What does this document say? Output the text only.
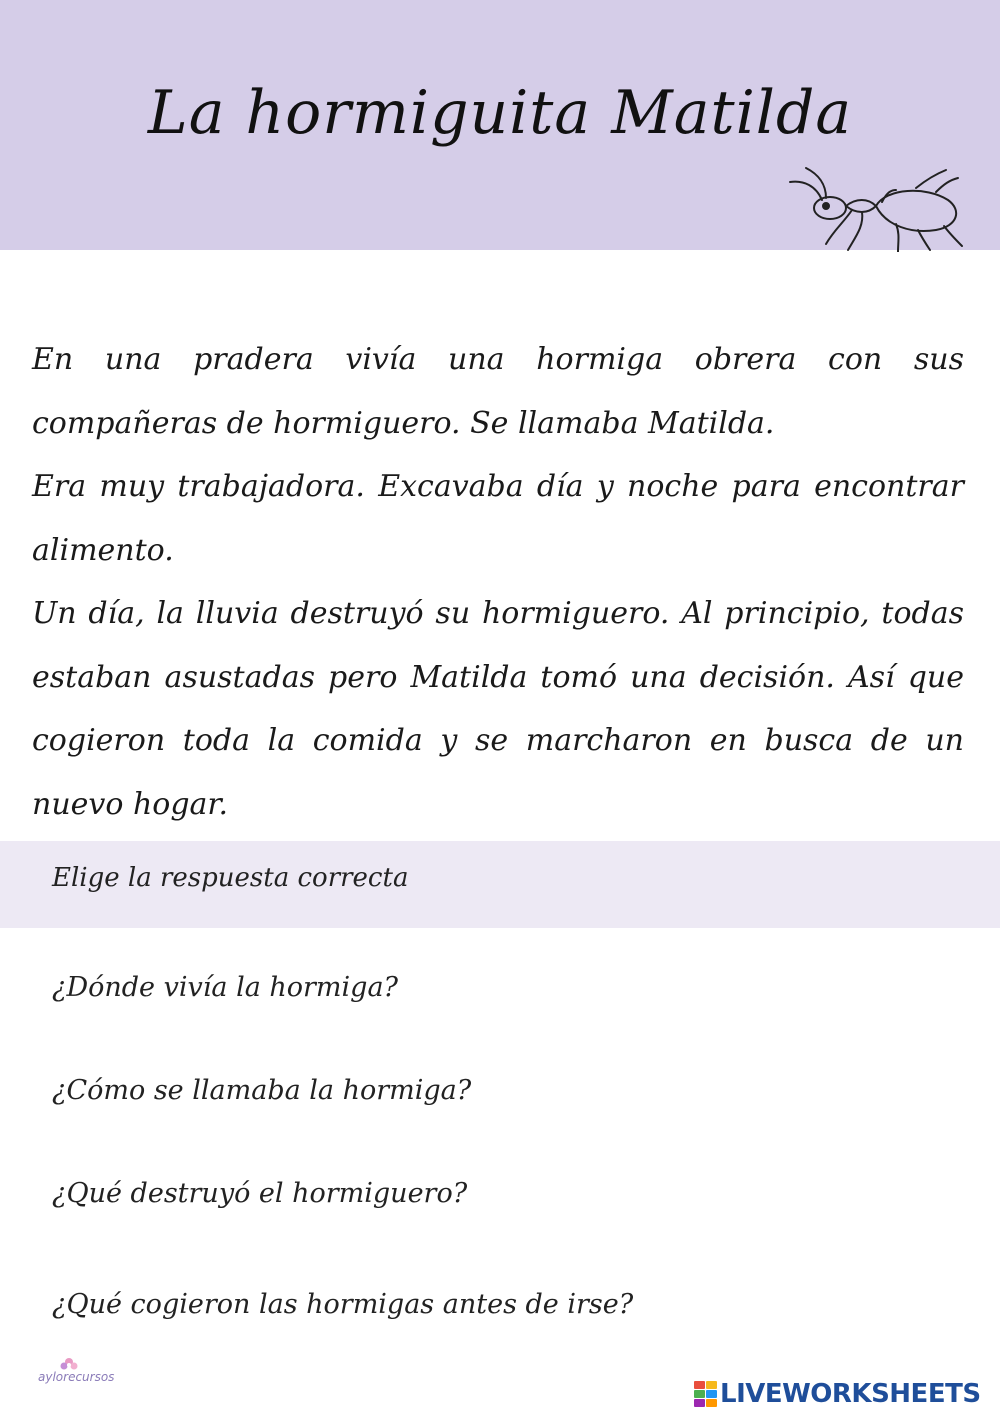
La hormiguita Matilda

En una pradera vivía una hormiga obrera con sus compañeras de hormiguero. Se llamaba Matilda.

Era muy trabajadora. Excavaba día y noche para encontrar alimento.

Un día, la lluvia destruyó su hormiguero. Al principio, todas estaban asustadas pero Matilda tomó una decisión. Así que cogieron toda la comida y se marcharon en busca de un nuevo hogar.

Elige la respuesta correcta
¿Dónde vivía la hormiga?
¿Cómo se llamaba la hormiga?
¿Qué destruyó el hormiguero?
¿Qué cogieron las hormigas antes de irse?
aylorecursos
LIVEWORKSHEETS
